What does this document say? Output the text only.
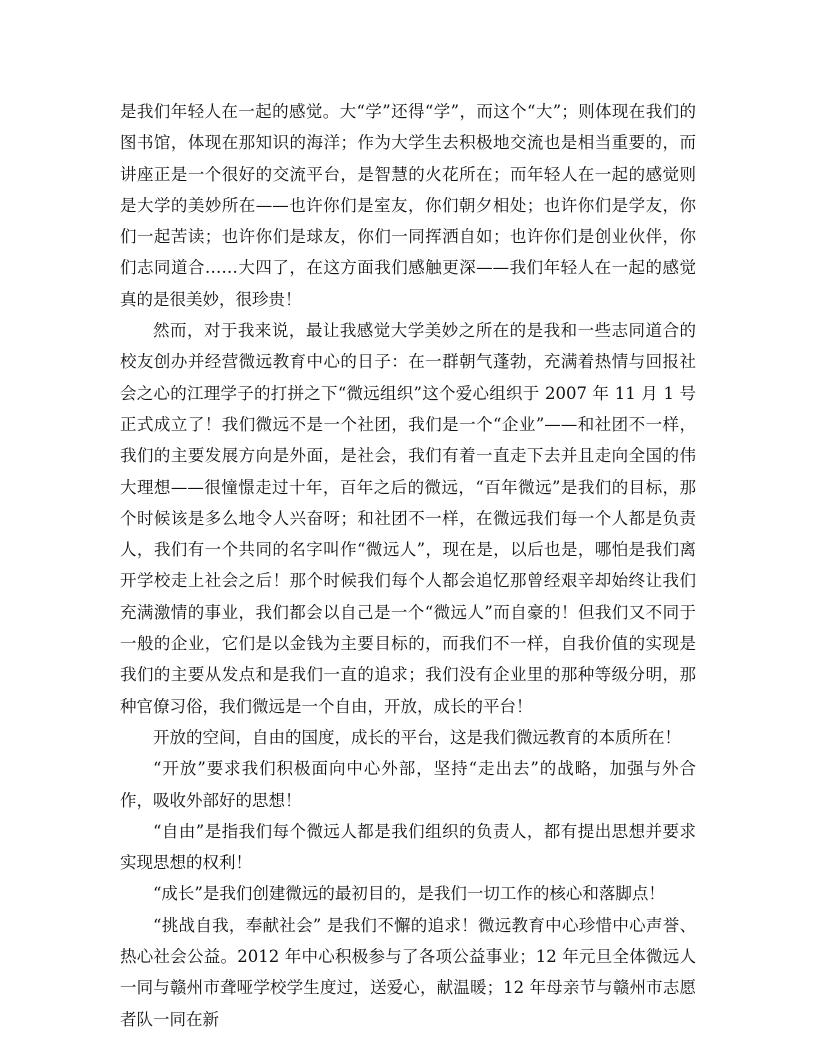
是我们年轻人在一起的感觉。大“学”还得“学”，而这个“大”；则体现在我们的图书馆，体现在那知识的海洋；作为大学生去积极地交流也是相当重要的，而讲座正是一个很好的交流平台，是智慧的火花所在；而年轻人在一起的感觉则是大学的美妙所在——也许你们是室友，你们朝夕相处；也许你们是学友，你们一起苦读；也许你们是球友，你们一同挥洒自如；也许你们是创业伙伴，你们志同道合……大四了，在这方面我们感触更深——我们年轻人在一起的感觉真的是很美妙，很珍贵！

然而，对于我来说，最让我感觉大学美妙之所在的是我和一些志同道合的校友创办并经营微远教育中心的日子：在一群朝气蓬勃，充满着热情与回报社会之心的江理学子的打拼之下“微远组织”这个爱心组织于 2007 年 11 月 1 号正式成立了！我们微远不是一个社团，我们是一个“企业”——和社团不一样，我们的主要发展方向是外面，是社会，我们有着一直走下去并且走向全国的伟大理想——很憧憬走过十年，百年之后的微远，“百年微远”是我们的目标，那个时候该是多么地令人兴奋呀；和社团不一样，在微远我们每一个人都是负责人，我们有一个共同的名字叫作“微远人”，现在是，以后也是，哪怕是我们离开学校走上社会之后！那个时候我们每个人都会追忆那曾经艰辛却始终让我们充满激情的事业，我们都会以自己是一个“微远人”而自豪的！但我们又不同于一般的企业，它们是以金钱为主要目标的，而我们不一样，自我价值的实现是我们的主要从发点和是我们一直的追求；我们没有企业里的那种等级分明，那种官僚习俗，我们微远是一个自由，开放，成长的平台！

开放的空间，自由的国度，成长的平台，这是我们微远教育的本质所在！

“开放”要求我们积极面向中心外部，坚持“走出去”的战略，加强与外合作，吸收外部好的思想！

“自由”是指我们每个微远人都是我们组织的负责人，都有提出思想并要求实现思想的权利！

“成长”是我们创建微远的最初目的，是我们一切工作的核心和落脚点！

“挑战自我，奉献社会” 是我们不懈的追求！微远教育中心珍惜中心声誉、热心社会公益。2012 年中心积极参与了各项公益事业；12 年元旦全体微远人一同与赣州市聋哑学校学生度过，送爱心，献温暖；12 年母亲节与赣州市志愿者队一同在新
